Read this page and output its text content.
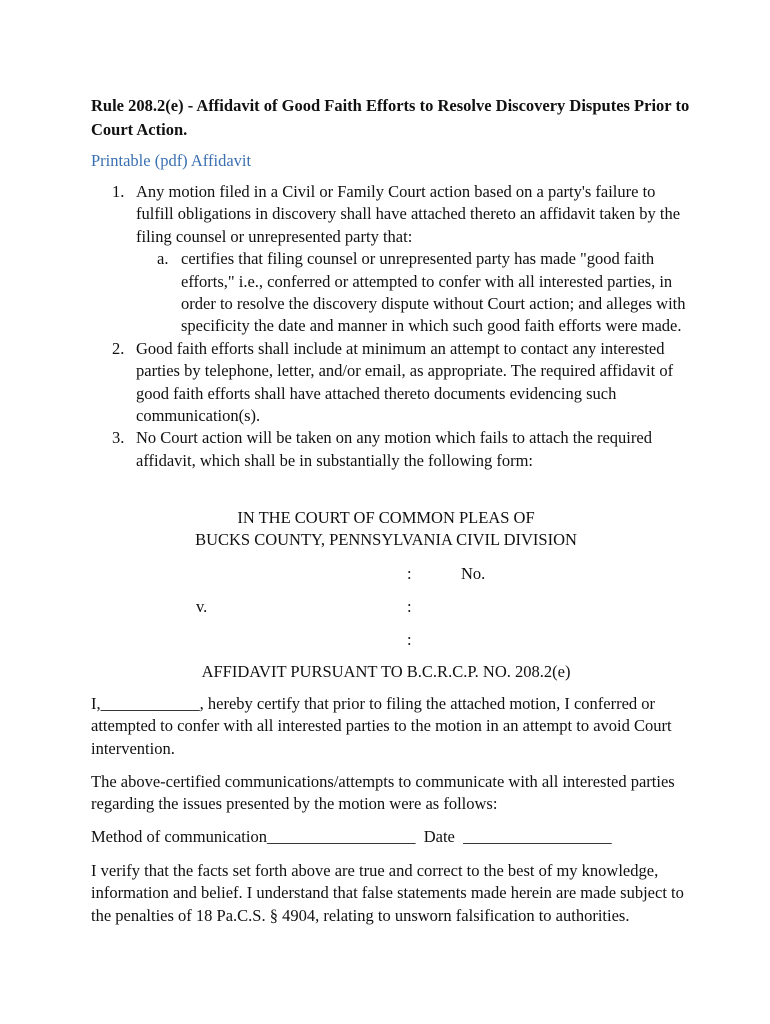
Rule 208.2(e) - Affidavit of Good Faith Efforts to Resolve Discovery Disputes Prior to Court Action.
Printable (pdf) Affidavit
1. Any motion filed in a Civil or Family Court action based on a party's failure to fulfill obligations in discovery shall have attached thereto an affidavit taken by the filing counsel or unrepresented party that:
a. certifies that filing counsel or unrepresented party has made "good faith efforts," i.e., conferred or attempted to confer with all interested parties, in order to resolve the discovery dispute without Court action; and alleges with specificity the date and manner in which such good faith efforts were made.
2. Good faith efforts shall include at minimum an attempt to contact any interested parties by telephone, letter, and/or email, as appropriate. The required affidavit of good faith efforts shall have attached thereto documents evidencing such communication(s).
3. No Court action will be taken on any motion which fails to attach the required affidavit, which shall be in substantially the following form:
IN THE COURT OF COMMON PLEAS OF
BUCKS COUNTY, PENNSYLVANIA CIVIL DIVISION
:	No.
v.	:
:
AFFIDAVIT PURSUANT TO B.C.R.C.P. NO. 208.2(e)
I,____________, hereby certify that prior to filing the attached motion, I conferred or attempted to confer with all interested parties to the motion in an attempt to avoid Court intervention.
The above-certified communications/attempts to communicate with all interested parties regarding the issues presented by the motion were as follows:
Method of communication__________________  Date  __________________
I verify that the facts set forth above are true and correct to the best of my knowledge, information and belief. I understand that false statements made herein are made subject to the penalties of 18 Pa.C.S. § 4904, relating to unsworn falsification to authorities.
